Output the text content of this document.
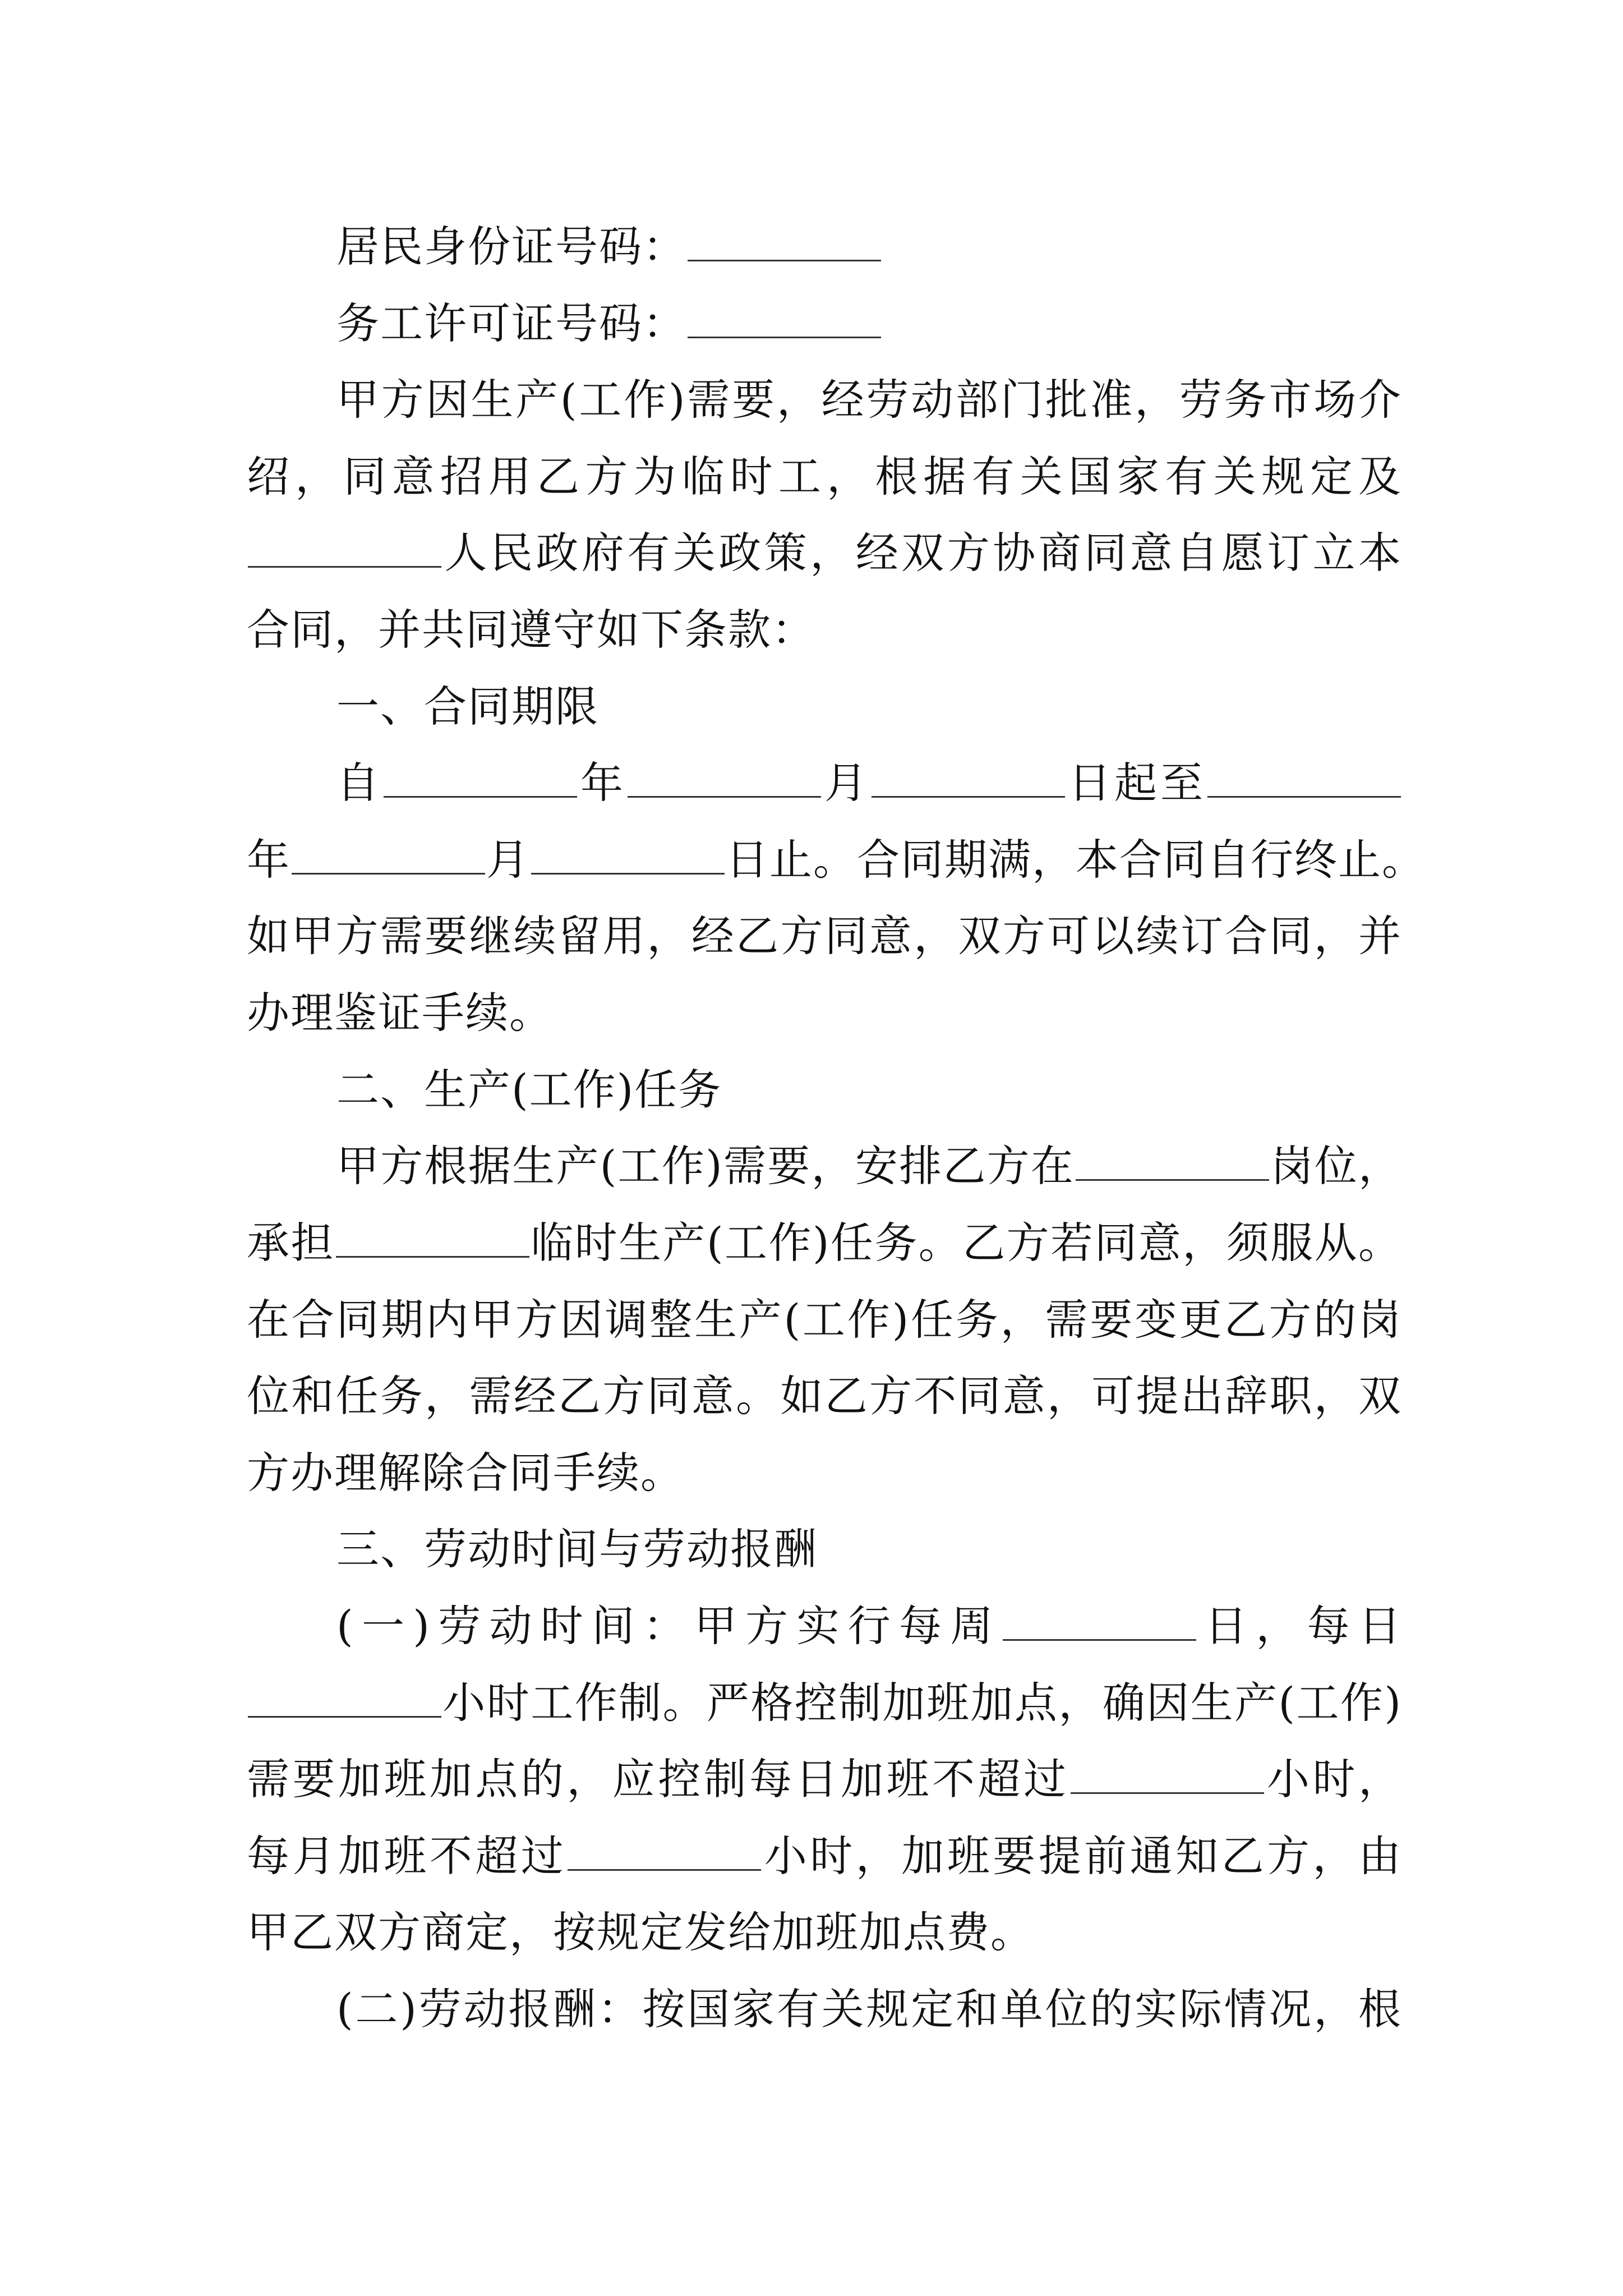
居民身份证号码：
务工许可证号码：
甲方因生产(工作)需要，经劳动部门批准，劳务市场介
绍，同意招用乙方为临时工，根据有关国家有关规定及
人民政府有关政策，经双方协商同意自愿订立本
合同，并共同遵守如下条款：
一、合同期限
自	年	月	日起至
年	月	日止。合同期满，本合同自行终止。
如甲方需要继续留用，经乙方同意，双方可以续订合同，并
办理鉴证手续。
二、生产(工作)任务
甲方根据生产(工作)需要，安排乙方在	岗位，
承担	临时生产(工作)任务。乙方若同意，须服从。
在合同期内甲方因调整生产(工作)任务，需要变更乙方的岗
位和任务，需经乙方同意。如乙方不同意，可提出辞职，双
方办理解除合同手续。
三、劳动时间与劳动报酬
(一)劳动时间：甲方实行每周	日，每日
小时工作制。严格控制加班加点，确因生产(工作)
需要加班加点的，应控制每日加班不超过	小时，
每月加班不超过	小时，加班要提前通知乙方，由
甲乙双方商定，按规定发给加班加点费。
(二)劳动报酬：按国家有关规定和单位的实际情况，根
